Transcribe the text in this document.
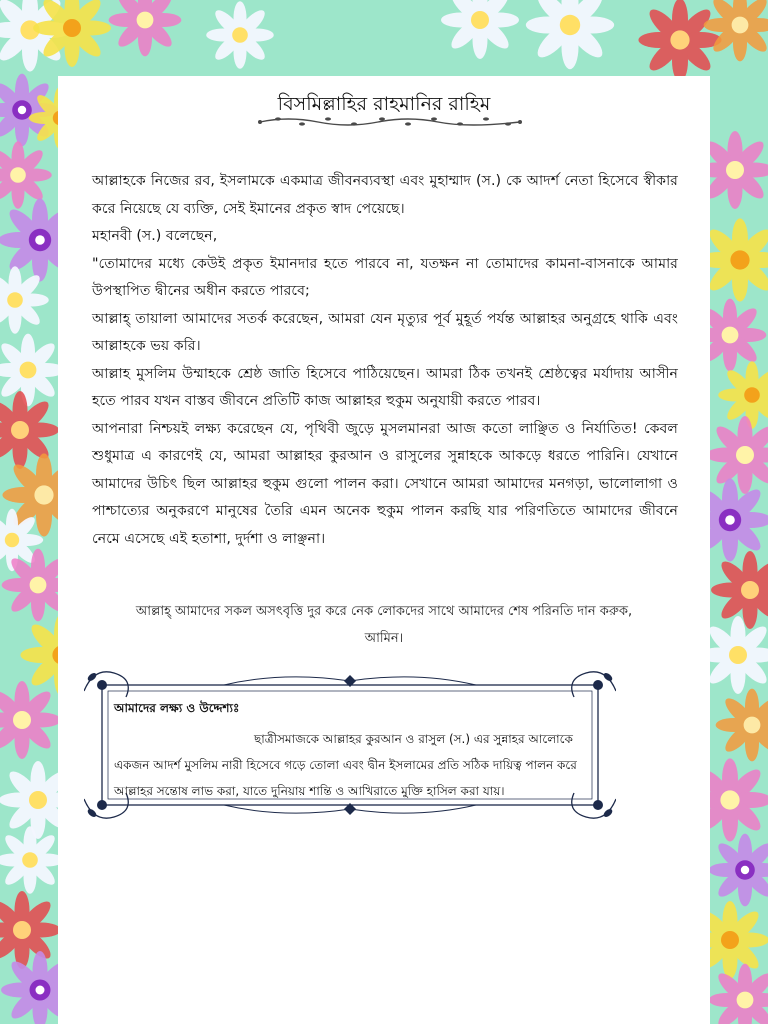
বিসমিল্লাহির রাহমানির রাহিম

আল্লাহকে নিজের রব, ইসলামকে একমাত্র জীবনব্যবস্থা এবং মুহাম্মাদ (স.) কে আদর্শ নেতা হিসেবে স্বীকার করে নিয়েছে যে ব্যক্তি, সেই ইমানের প্রকৃত স্বাদ পেয়েছে।

মহানবী (স.) বলেছেন,

"তোমাদের মধ্যে কেউই প্রকৃত ইমানদার হতে পারবে না, যতক্ষন না তোমাদের কামনা-বাসনাকে আমার উপস্থাপিত দ্বীনের অধীন করতে পারবে;

আল্লাহ্‌ তায়ালা আমাদের সতর্ক করেছেন, আমরা যেন মৃত্যুর পূর্ব মুহূর্ত পর্যন্ত আল্লাহর অনুগ্রহে থাকি এবং আল্লাহকে ভয় করি।

আল্লাহ মুসলিম উম্মাহকে শ্রেষ্ঠ জাতি হিসেবে পাঠিয়েছেন। আমরা ঠিক তখনই শ্রেষ্ঠত্বের মর্যাদায় আসীন হতে পারব যখন বাস্তব জীবনে প্রতিটি কাজ আল্লাহর হুকুম অনুযায়ী করতে পারব।

আপনারা নিশ্চয়ই লক্ষ্য করেছেন যে, পৃথিবী জুড়ে মুসলমানরা আজ কতো লাঞ্ছিত ও নির্যাতিত! কেবল শুধুমাত্র এ কারণেই যে, আমরা আল্লাহর কুরআন ও রাসুলের সুন্নাহকে আকড়ে ধরতে পারিনি। যেখানে আমাদের উচিৎ ছিল আল্লাহর হুকুম গুলো পালন করা। সেখানে আমরা আমাদের মনগড়া, ভালোলাগা ও পাশ্চাত্যের অনুকরণে মানুষের তৈরি এমন অনেক হুকুম পালন করছি যার পরিণতিতে আমাদের জীবনে নেমে এসেছে এই হতাশা, দুর্দশা ও লাঞ্ছনা।

আল্লাহ্‌ আমাদের সকল অসৎবৃত্তি দুর করে নেক লোকদের সাথে আমাদের শেষ পরিনতি দান করুক,
আমিন।
আমাদের লক্ষ্য ও উদ্দেশ্যঃ

ছাত্রীসমাজকে আল্লাহর কুরআন ও রাসুল (স.) এর সুন্নাহর আলোকে

একজন আদর্শ মুসলিম নারী হিসেবে গড়ে তোলা এবং দ্বীন ইসলামের প্রতি সঠিক দায়িত্ব পালন করে

আল্লাহর সন্তোষ লাভ করা, যাতে দুনিয়ায় শান্তি ও আখিরাতে মুক্তি হাসিল করা যায়।
